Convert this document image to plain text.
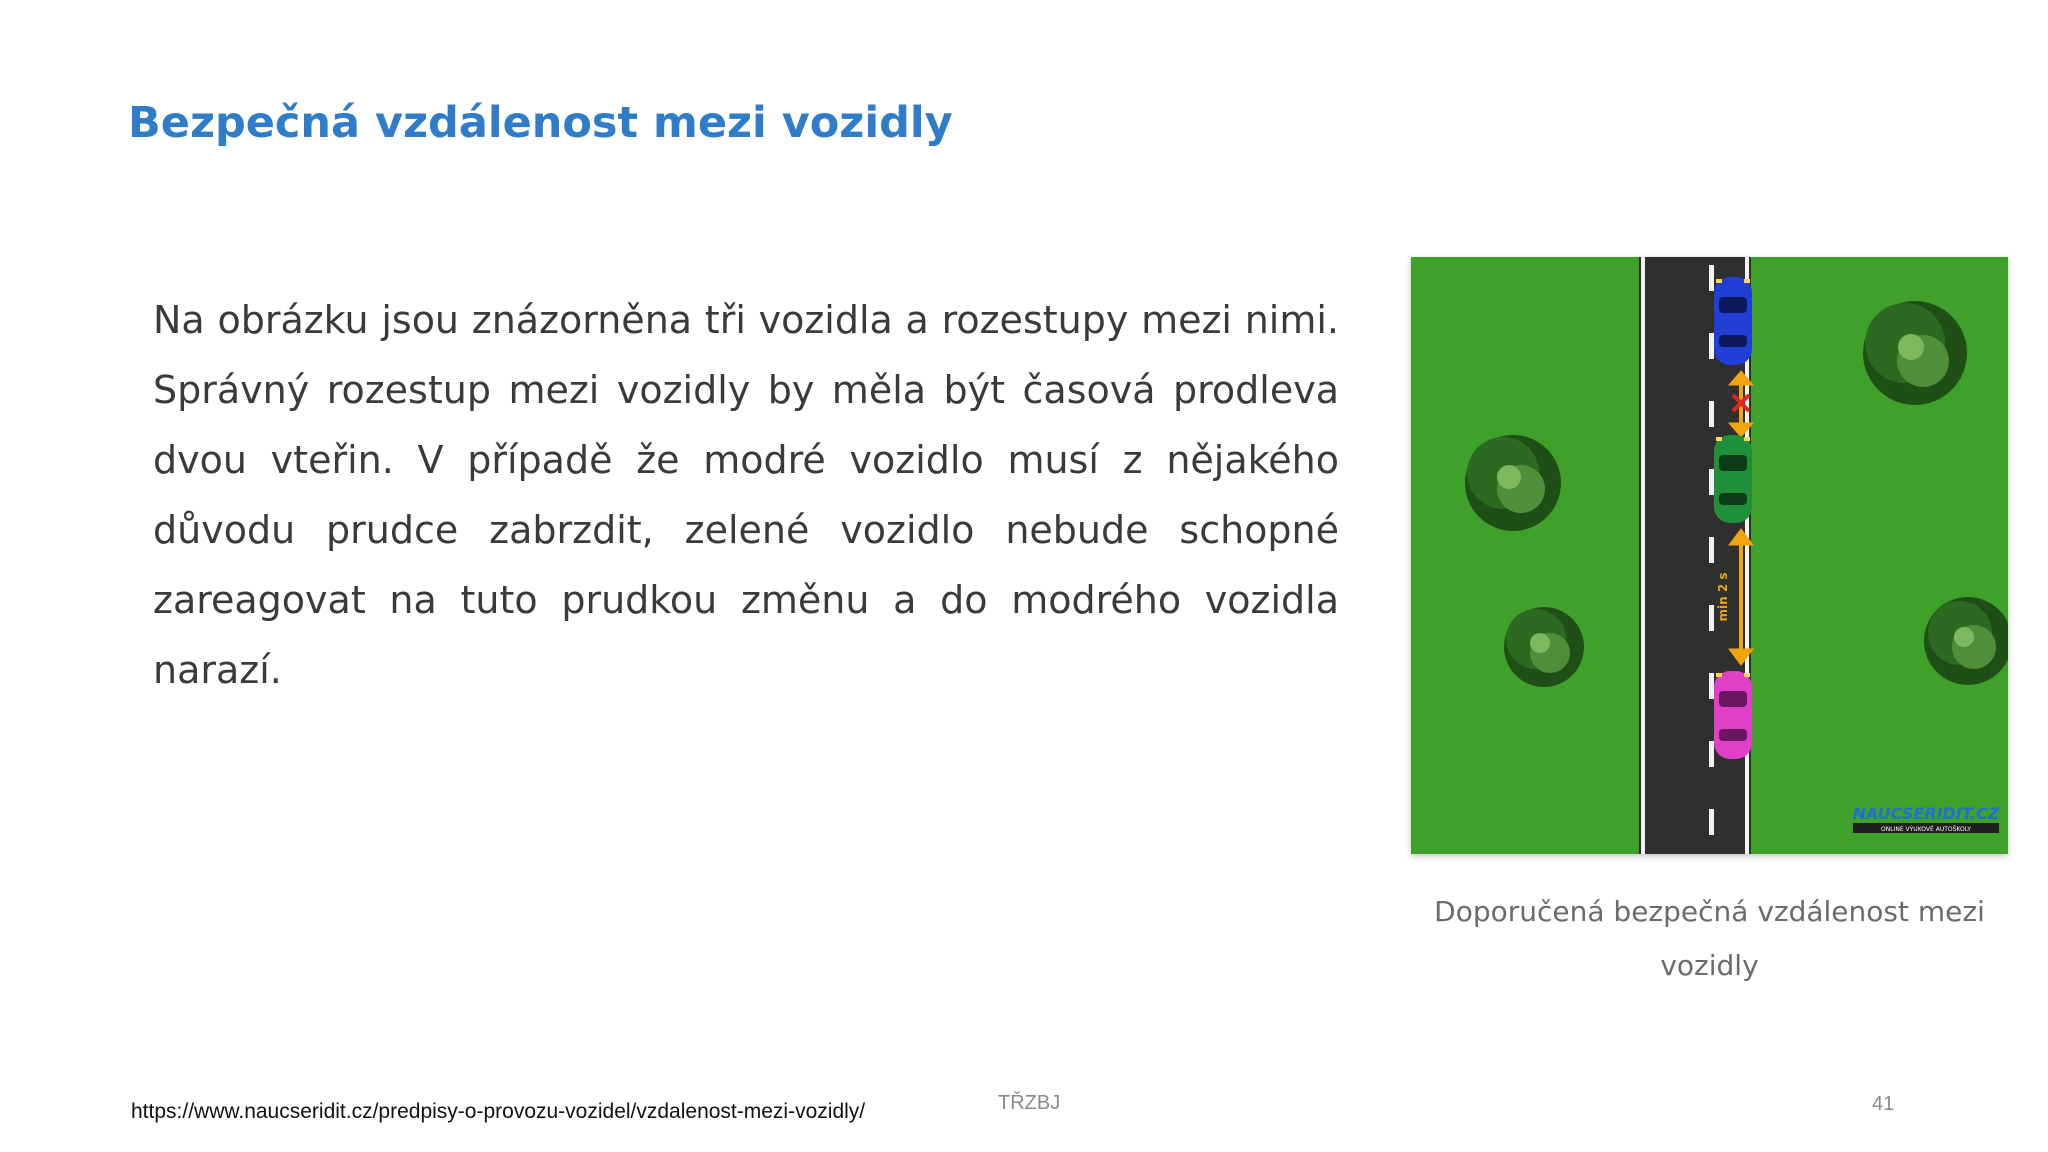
Bezpečná vzdálenost mezi vozidly

Na obrázku jsou znázorněna tři vozidla a rozestupy mezi nimi. Správný rozestup mezi vozidly by měla být časová prodleva dvou vteřin. V případě že modré vozidlo musí z nějakého důvodu prudce zabrzdit, zelené vozidlo nebude schopné zareagovat na tuto prudkou změnu a do modrého vozidla narazí.

min 2 s
NAUCSERIDIT.CZ
ONLINE VÝUKOVÉ AUTOŠKOLY

Doporučená bezpečná vzdálenost mezi vozidly

https://www.naucseridit.cz/predpisy-o-provozu-vozidel/vzdalenost-mezi-vozidly/	TŘZBJ	41
